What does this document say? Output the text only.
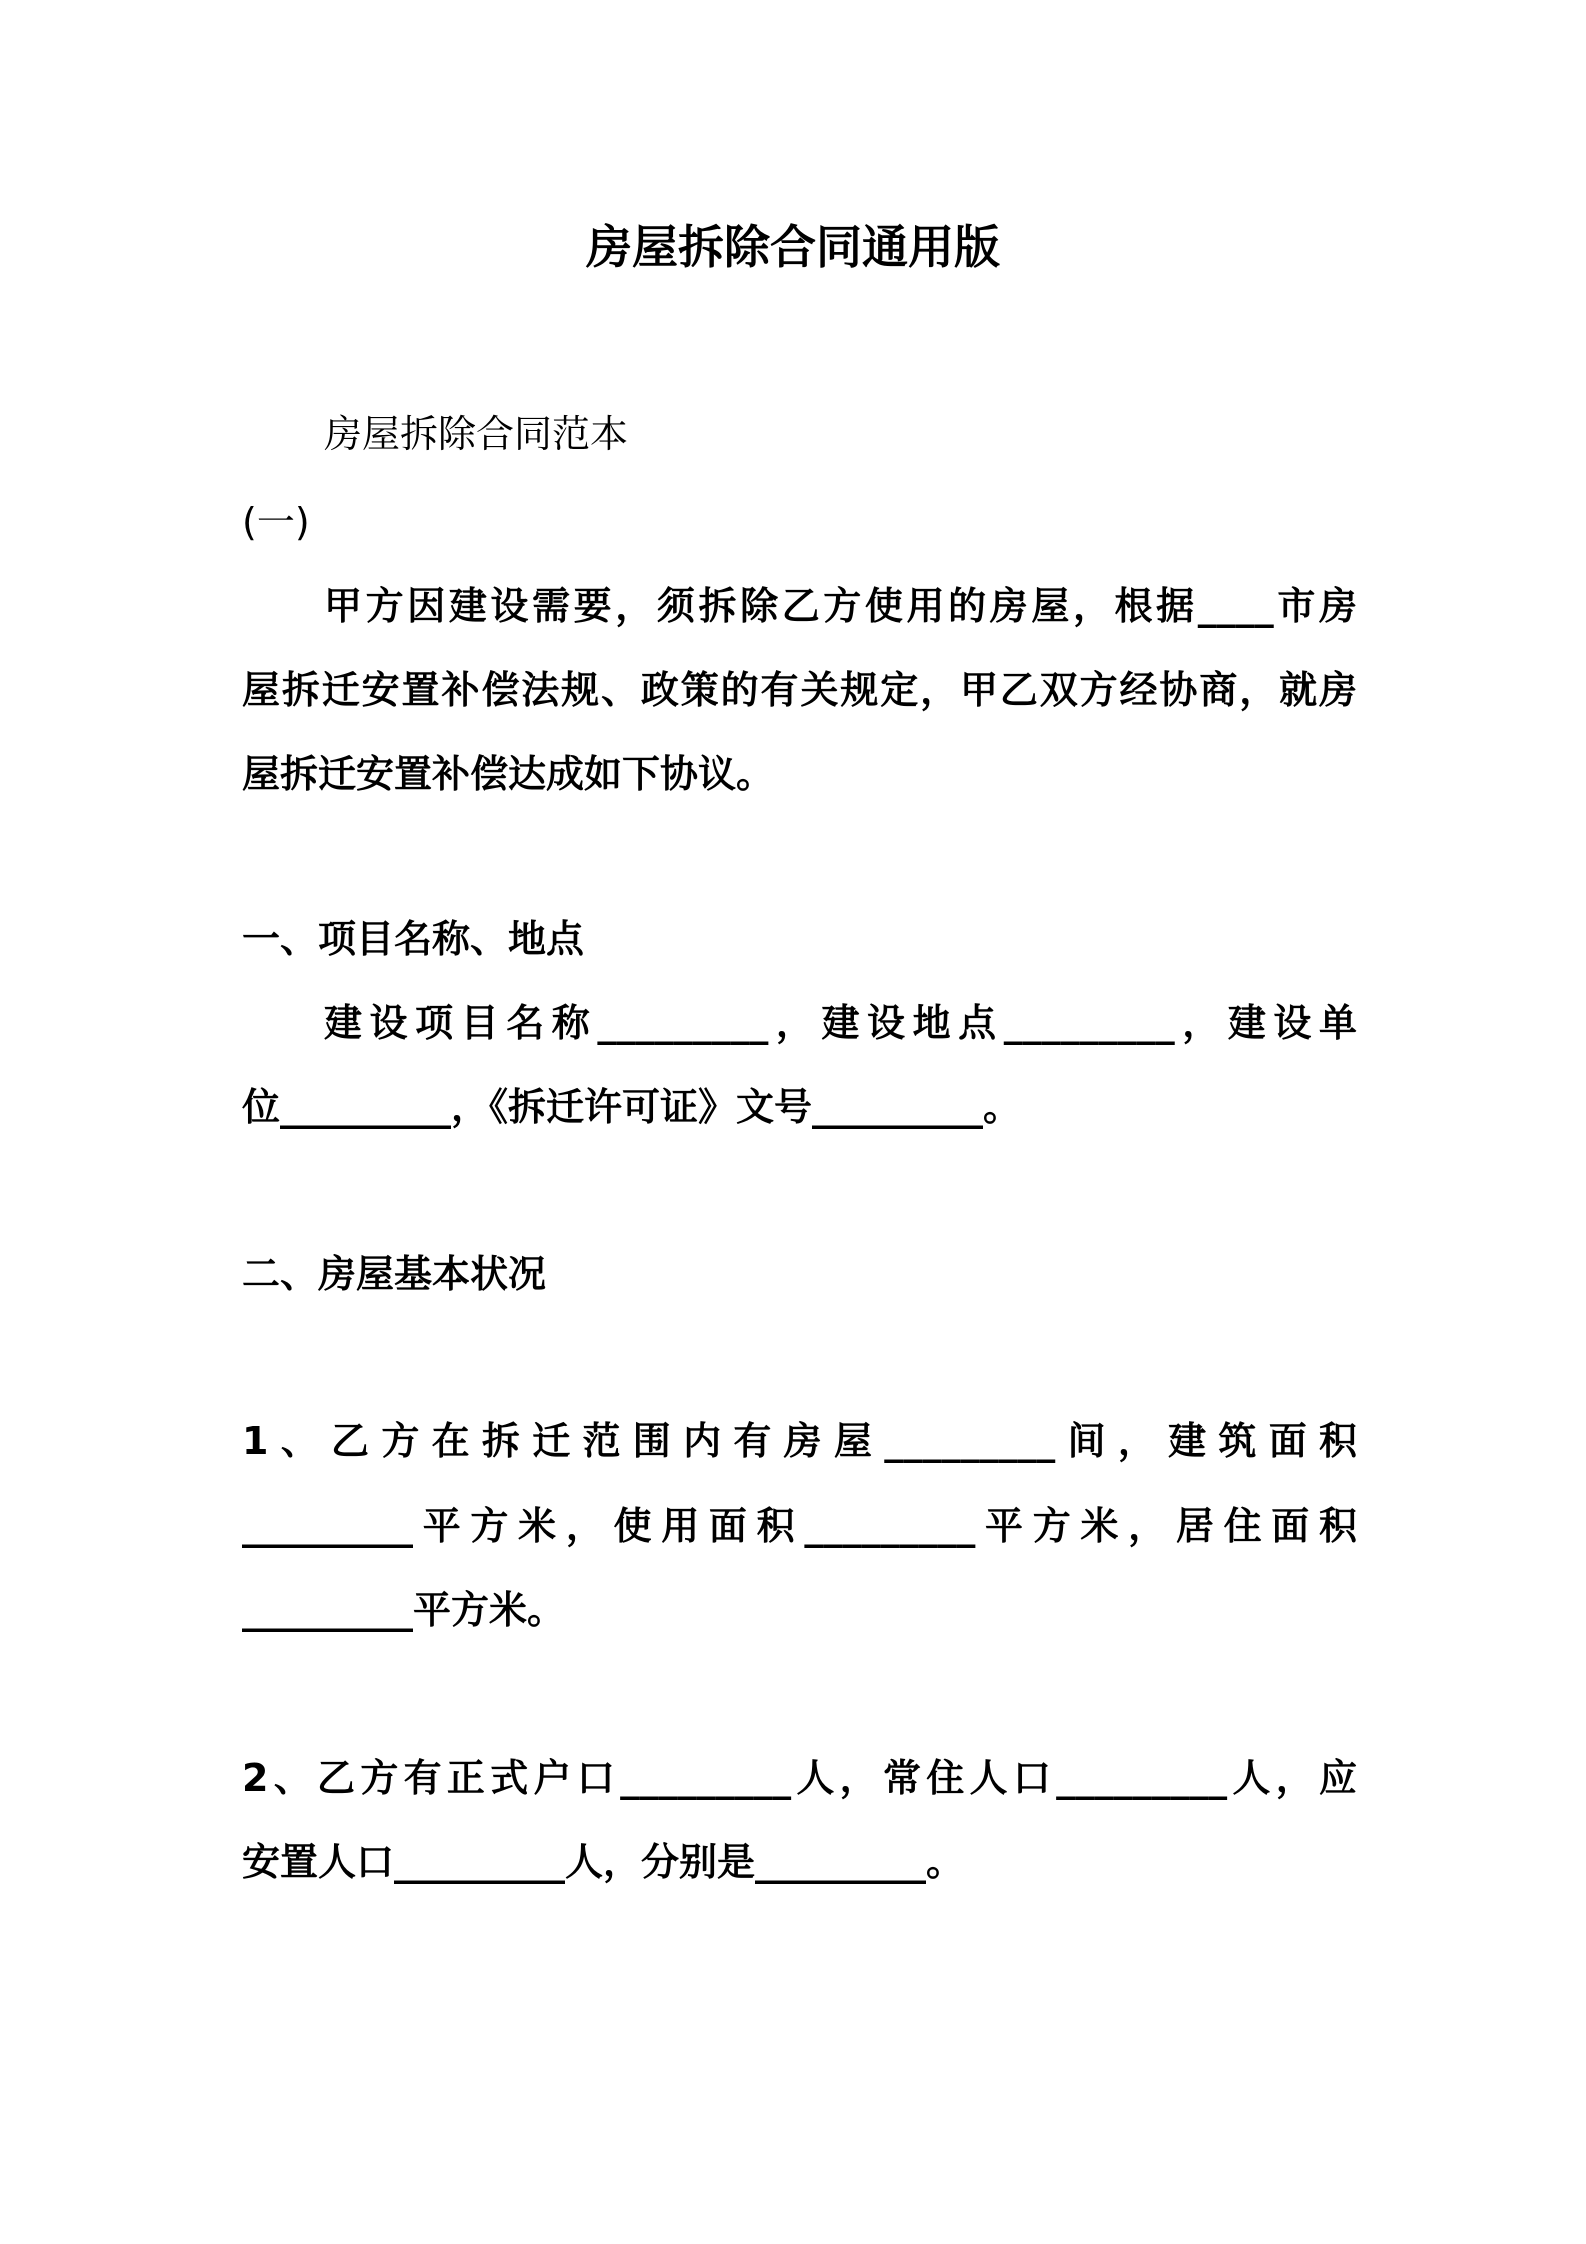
房屋拆除合同通用版

房屋拆除合同范本

(一)

甲方因建设需要，须拆除乙方使用的房屋，根据____市房

屋拆迁安置补偿法规、政策的有关规定，甲乙双方经协商，就房

屋拆迁安置补偿达成如下协议。

一、项目名称、地点

建设项目名称_________，建设地点_________，建设单

位_________，《拆迁许可证》文号_________。

二、房屋基本状况

1、乙方在拆迁范围内有房屋_________间，建筑面积

_________平方米，使用面积_________平方米，居住面积

_________平方米。

2、乙方有正式户口_________人，常住人口_________人，应

安置人口_________人，分别是_________。
